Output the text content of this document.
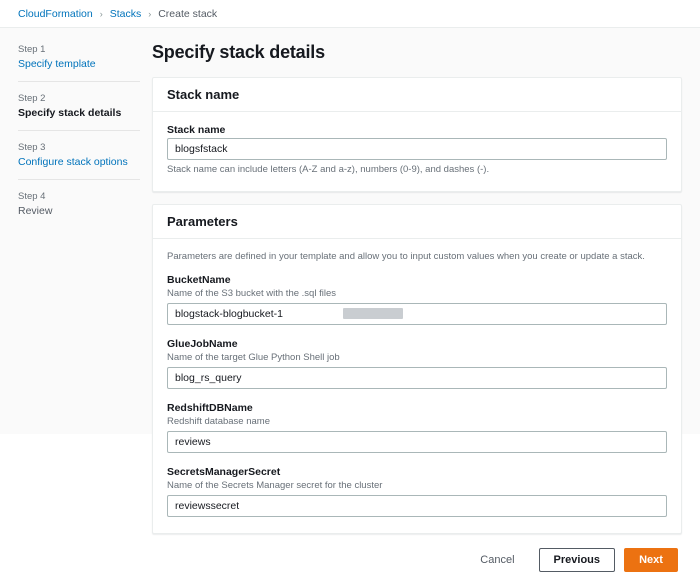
CloudFormation › Stacks › Create stack
Step 1
Specify template
Step 2
Specify stack details
Step 3
Configure stack options
Step 4
Review
Specify stack details
Stack name
Stack name
blogsfstack
Stack name can include letters (A-Z and a-z), numbers (0-9), and dashes (-).
Parameters
Parameters are defined in your template and allow you to input custom values when you create or update a stack.
BucketName
Name of the S3 bucket with the .sql files
blogstack-blogbucket-1
GlueJobName
Name of the target Glue Python Shell job
blog_rs_query
RedshiftDBName
Redshift database name
reviews
SecretsManagerSecret
Name of the Secrets Manager secret for the cluster
reviewssecret
Cancel	Previous	Next
